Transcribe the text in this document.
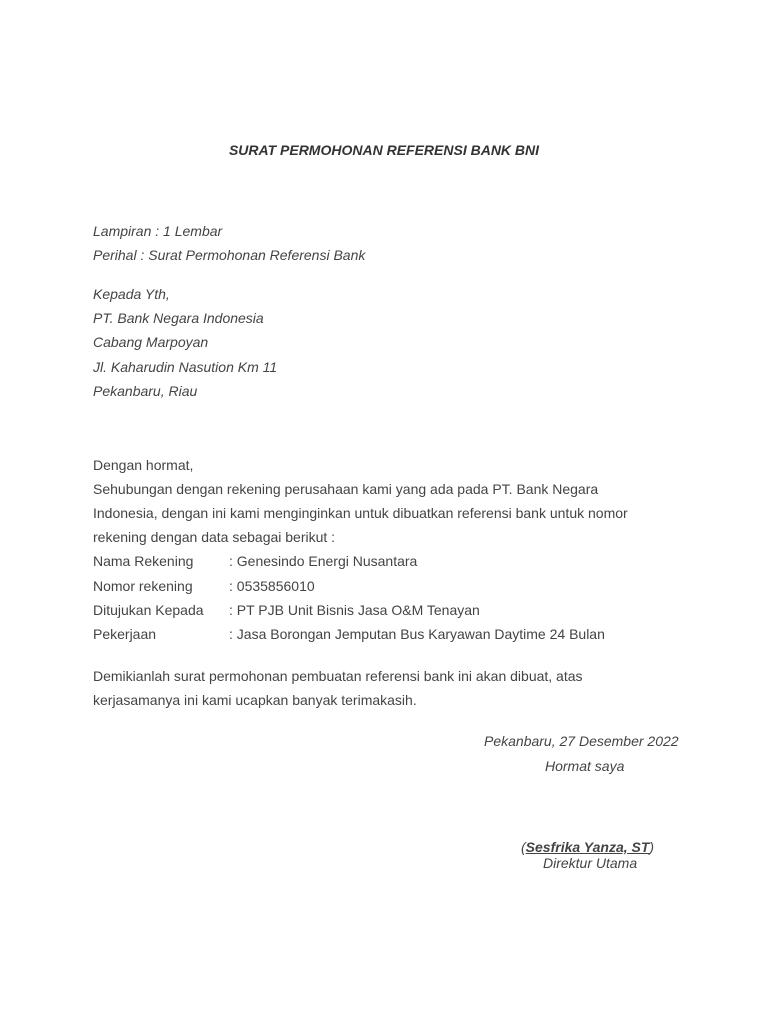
SURAT PERMOHONAN REFERENSI BANK BNI
Lampiran : 1 Lembar
Perihal : Surat Permohonan Referensi Bank
Kepada Yth,
PT. Bank Negara Indonesia
Cabang Marpoyan
Jl. Kaharudin Nasution Km 11
Pekanbaru, Riau
Dengan hormat,
Sehubungan dengan rekening perusahaan kami yang ada pada PT. Bank Negara
Indonesia, dengan ini kami menginginkan untuk dibuatkan referensi bank untuk nomor
rekening dengan data sebagai berikut :
Nama Rekening	: Genesindo Energi Nusantara
Nomor rekening	: 0535856010
Ditujukan Kepada : PT PJB Unit Bisnis Jasa O&M Tenayan
Pekerjaan	: Jasa Borongan Jemputan Bus Karyawan Daytime 24 Bulan
Demikianlah surat permohonan pembuatan referensi bank ini akan dibuat, atas
kerjasamanya ini kami ucapkan banyak terimakasih.
Pekanbaru, 27 Desember 2022
Hormat saya
(Sesfrika Yanza, ST)
Direktur Utama
